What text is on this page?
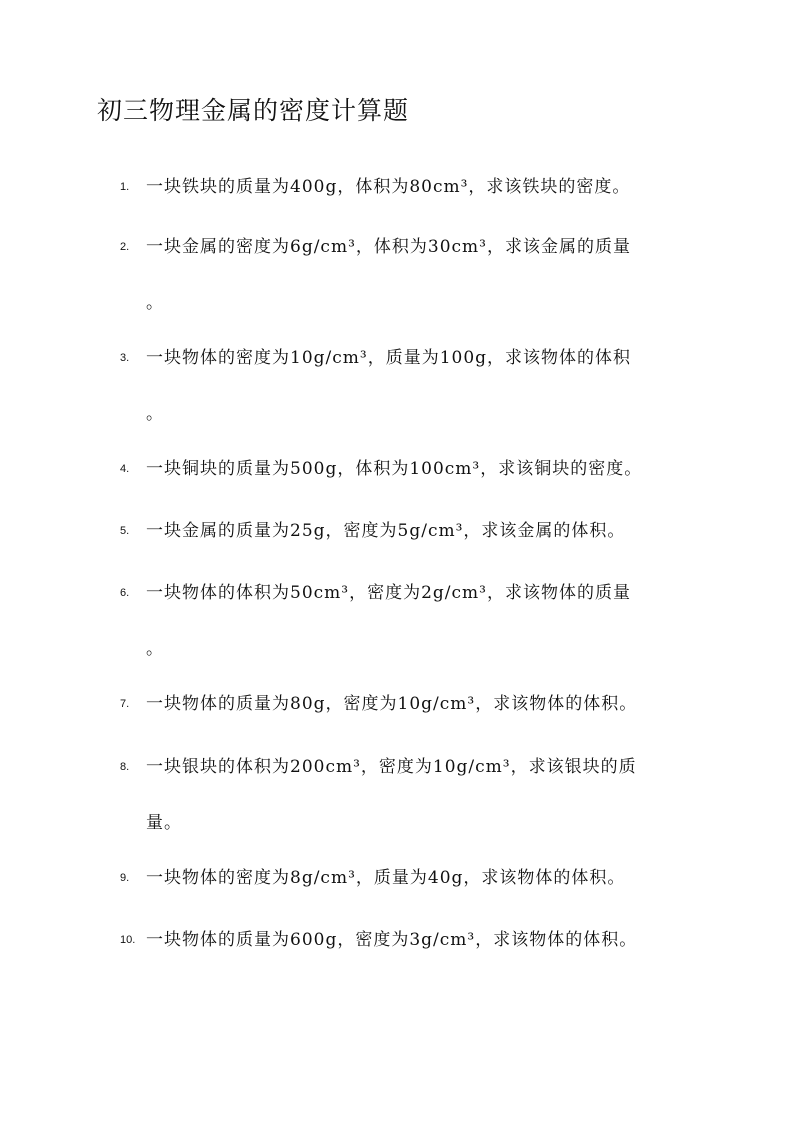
初三物理金属的密度计算题
1. 一块铁块的质量为400g，体积为80cm³，求该铁块的密度。
2. 一块金属的密度为6g/cm³，体积为30cm³，求该金属的质量
。
3. 一块物体的密度为10g/cm³，质量为100g，求该物体的体积
。
4. 一块铜块的质量为500g，体积为100cm³，求该铜块的密度。
5. 一块金属的质量为25g，密度为5g/cm³，求该金属的体积。
6. 一块物体的体积为50cm³，密度为2g/cm³，求该物体的质量
。
7. 一块物体的质量为80g，密度为10g/cm³，求该物体的体积。
8. 一块银块的体积为200cm³，密度为10g/cm³，求该银块的质
量。
9. 一块物体的密度为8g/cm³，质量为40g，求该物体的体积。
10. 一块物体的质量为600g，密度为3g/cm³，求该物体的体积。
